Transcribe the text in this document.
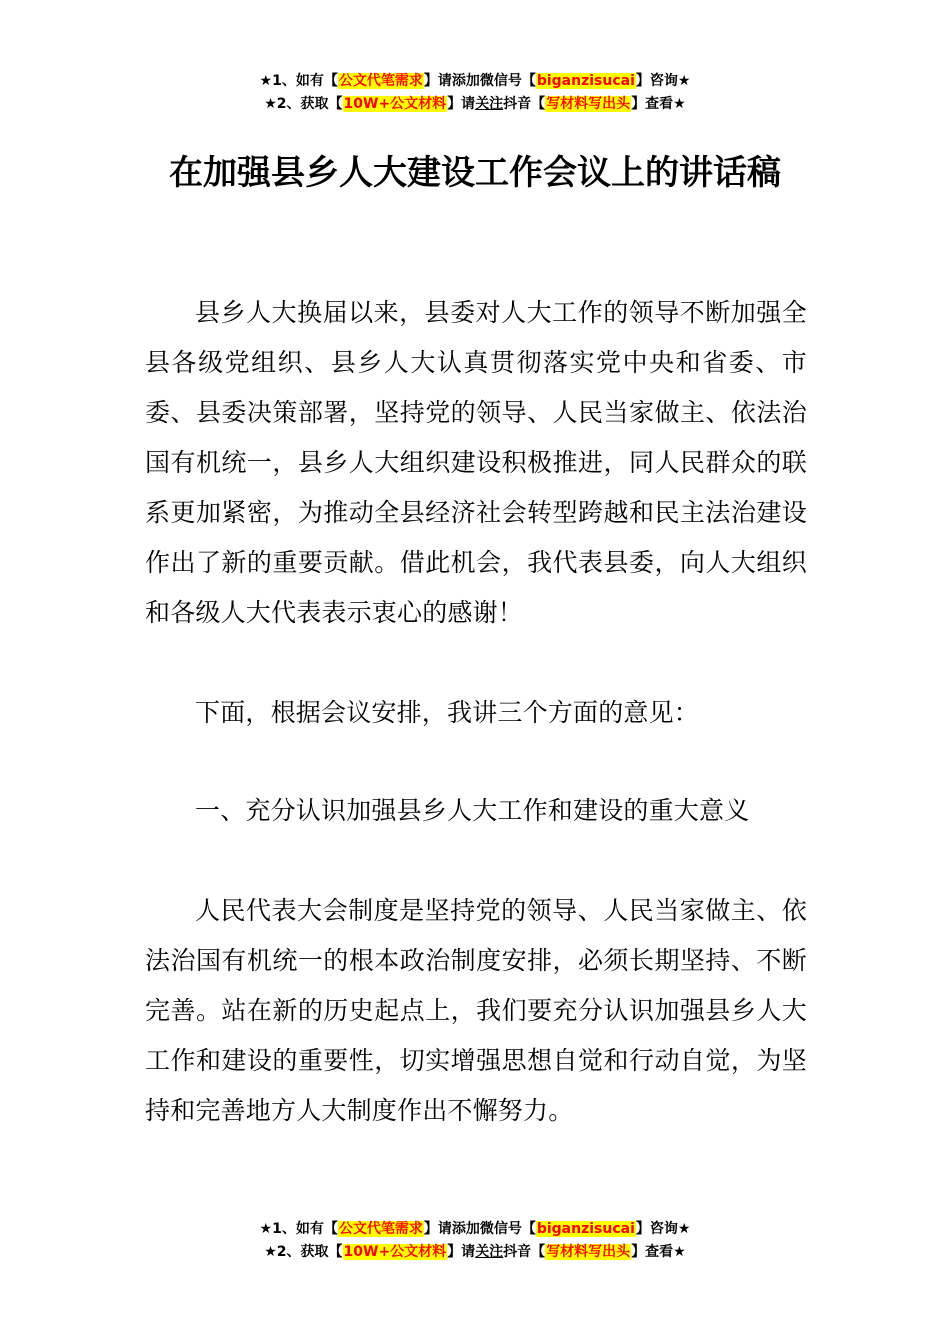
★1、如有【公文代笔需求】请添加微信号【biganzisucai】咨询★
★2、获取【10W+公文材料】请关注抖音【写材料写出头】查看★
在加强县乡人大建设工作会议上的讲话稿

县乡人大换届以来，县委对人大工作的领导不断加强全县各级党组织、县乡人大认真贯彻落实党中央和省委、市委、县委决策部署，坚持党的领导、人民当家做主、依法治国有机统一，县乡人大组织建设积极推进，同人民群众的联系更加紧密，为推动全县经济社会转型跨越和民主法治建设作出了新的重要贡献。借此机会，我代表县委，向人大组织和各级人大代表表示衷心的感谢！

下面，根据会议安排，我讲三个方面的意见：

一、充分认识加强县乡人大工作和建设的重大意义

人民代表大会制度是坚持党的领导、人民当家做主、依法治国有机统一的根本政治制度安排，必须长期坚持、不断完善。站在新的历史起点上，我们要充分认识加强县乡人大工作和建设的重要性，切实增强思想自觉和行动自觉，为坚持和完善地方人大制度作出不懈努力。

★1、如有【公文代笔需求】请添加微信号【biganzisucai】咨询★
★2、获取【10W+公文材料】请关注抖音【写材料写出头】查看★
